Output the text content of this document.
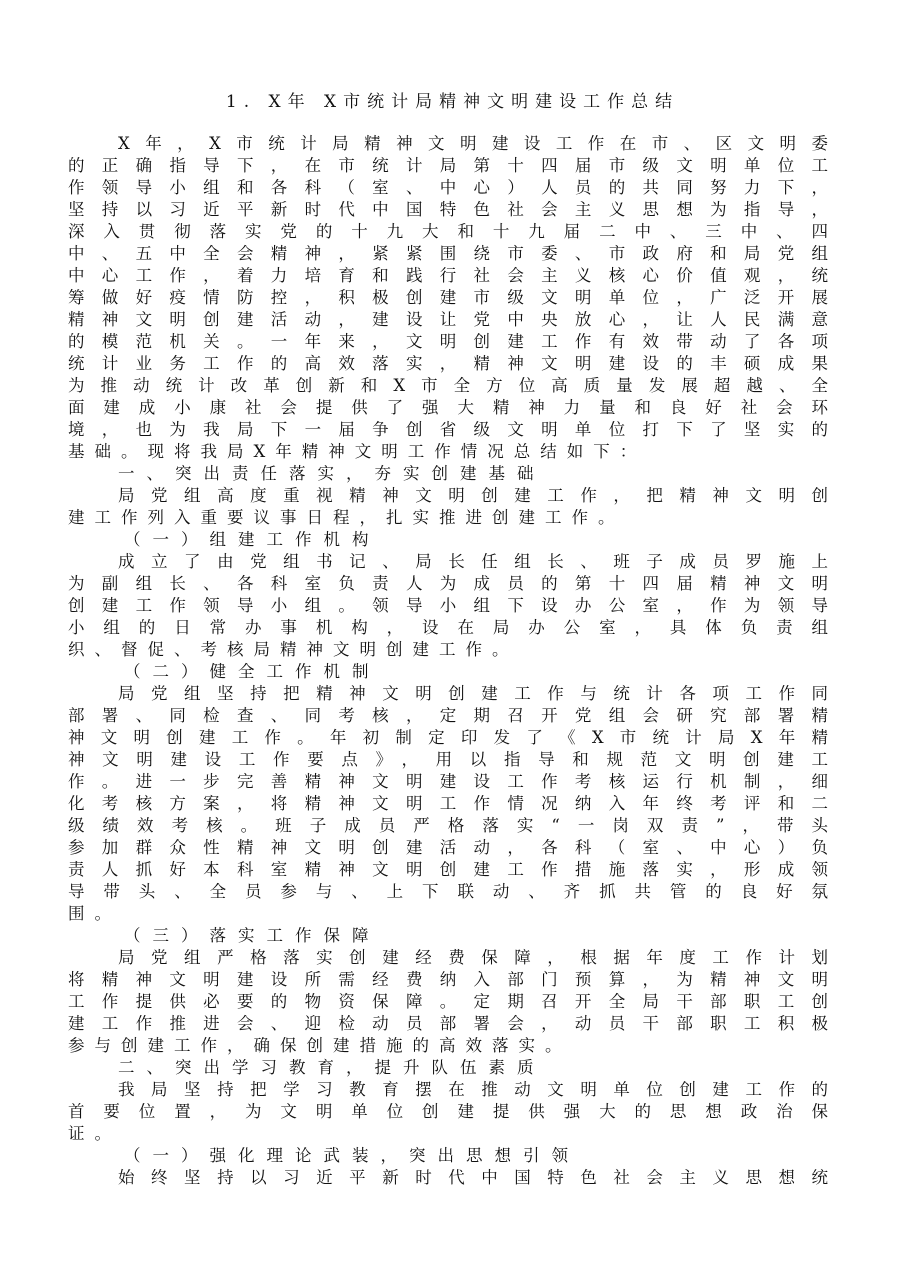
1. X年 X市统计局精神文明建设工作总结
X年，X市统计局精神文明建设工作在市、区文明委
的正确指导下，在市统计局第十四届市级文明单位工
作领导小组和各科（室、中心）人员的共同努力下，
坚持以习近平新时代中国特色社会主义思想为指导，
深入贯彻落实党的十九大和十九届二中、三中、四
中、五中全会精神，紧紧围绕市委、市政府和局党组
中心工作，着力培育和践行社会主义核心价值观，统
筹做好疫情防控，积极创建市级文明单位，广泛开展
精神文明创建活动，建设让党中央放心，让人民满意
的模范机关。一年来，文明创建工作有效带动了各项
统计业务工作的高效落实，精神文明建设的丰硕成果
为推动统计改革创新和X市全方位高质量发展超越、全
面建成小康社会提供了强大精神力量和良好社会环
境，也为我局下一届争创省级文明单位打下了坚实的
基础。现将我局X年精神文明工作情况总结如下：
一、突出责任落实，夯实创建基础
局党组高度重视精神文明创建工作，把精神文明创
建工作列入重要议事日程，扎实推进创建工作。
（一）组建工作机构
成立了由党组书记、局长任组长、班子成员罗施上
为副组长、各科室负责人为成员的第十四届精神文明
创建工作领导小组。领导小组下设办公室，作为领导
小组的日常办事机构，设在局办公室，具体负责组
织、督促、考核局精神文明创建工作。
（二）健全工作机制
局党组坚持把精神文明创建工作与统计各项工作同
部署、同检查、同考核，定期召开党组会研究部署精
神文明创建工作。年初制定印发了《X市统计局X年精
神文明建设工作要点》，用以指导和规范文明创建工
作。进一步完善精神文明建设工作考核运行机制，细
化考核方案，将精神文明工作情况纳入年终考评和二
级绩效考核。班子成员严格落实“一岗双责”，带头
参加群众性精神文明创建活动，各科（室、中心）负
责人抓好本科室精神文明创建工作措施落实，形成领
导带头、全员参与、上下联动、齐抓共管的良好氛
围。
（三）落实工作保障
局党组严格落实创建经费保障，根据年度工作计划
将精神文明建设所需经费纳入部门预算，为精神文明
工作提供必要的物资保障。定期召开全局干部职工创
建工作推进会、迎检动员部署会，动员干部职工积极
参与创建工作，确保创建措施的高效落实。
二、突出学习教育，提升队伍素质
我局坚持把学习教育摆在推动文明单位创建工作的
首要位置，为文明单位创建提供强大的思想政治保
证。
（一）强化理论武装，突出思想引领
始终坚持以习近平新时代中国特色社会主义思想统
